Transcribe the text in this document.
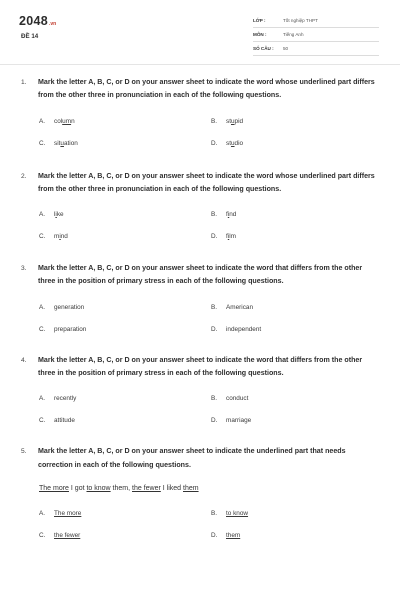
2048 .vn
ĐỀ 14
LỚP :	Tốt nghiệp THPT
MÔN :	Tiếng Anh
SỐ CÂU :	50
1.	Mark the letter A, B, C, or D on your answer sheet to indicate the word whose underlined part differs from the other three in pronunciation in each of the following questions.
A.	column	B.	stupid
C.	situation	D.	studio
2.	Mark the letter A, B, C, or D on your answer sheet to indicate the word whose underlined part differs from the other three in pronunciation in each of the following questions.
A.	like	B.	find
C.	mind	D.	film
3.	Mark the letter A, B, C, or D on your answer sheet to indicate the word that differs from the other three in the position of primary stress in each of the following questions.
A.	generation	B.	American
C.	preparation	D.	independent
4.	Mark the letter A, B, C, or D on your answer sheet to indicate the word that differs from the other three in the position of primary stress in each of the following questions.
A.	recently	B.	conduct
C.	attitude	D.	marriage
5.	Mark the letter A, B, C, or D on your answer sheet to indicate the underlined part that needs correction in each of the following questions.
The more I got to know them, the fewer I liked them
A.	The more	B.	to know
C.	the fewer	D.	them
